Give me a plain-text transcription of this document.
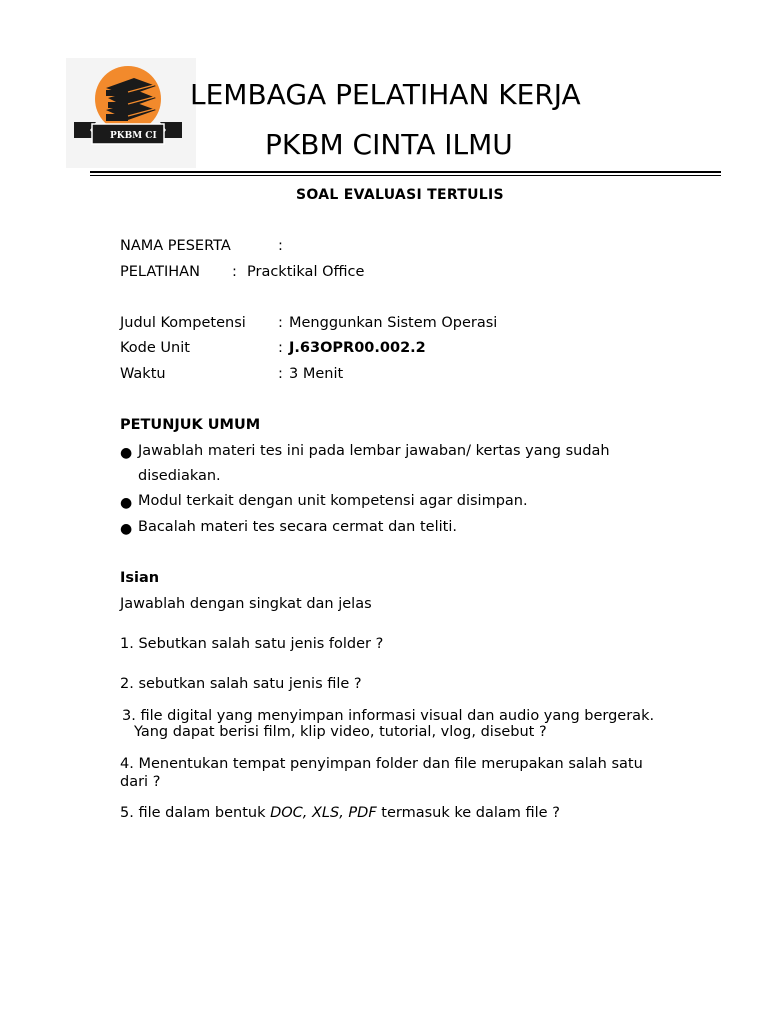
PKBM CI
LEMBAGA PELATIHAN KERJA
PKBM CINTA ILMU
SOAL EVALUASI TERTULIS
NAMA PESERTA	:
PELATIHAN : Pracktikal Office
Judul Kompetensi : Menggunkan Sistem Operasi
Kode Unit	: J.63OPR00.002.2
Waktu	: 3 Menit
PETUNJUK UMUM
● Jawablah materi tes ini pada lembar jawaban/ kertas yang sudah
disediakan.
● Modul terkait dengan unit kompetensi agar disimpan.
● Bacalah materi tes secara cermat dan teliti.
Isian
Jawablah dengan singkat dan jelas
1. Sebutkan salah satu jenis folder ?
2. sebutkan salah satu jenis file ?
3. file digital yang menyimpan informasi visual dan audio yang bergerak.
Yang dapat berisi film, klip video, tutorial, vlog, disebut ?
4. Menentukan tempat penyimpan folder dan file merupakan salah satu
dari ?
5. file dalam bentuk DOC, XLS, PDF termasuk ke dalam file ?
